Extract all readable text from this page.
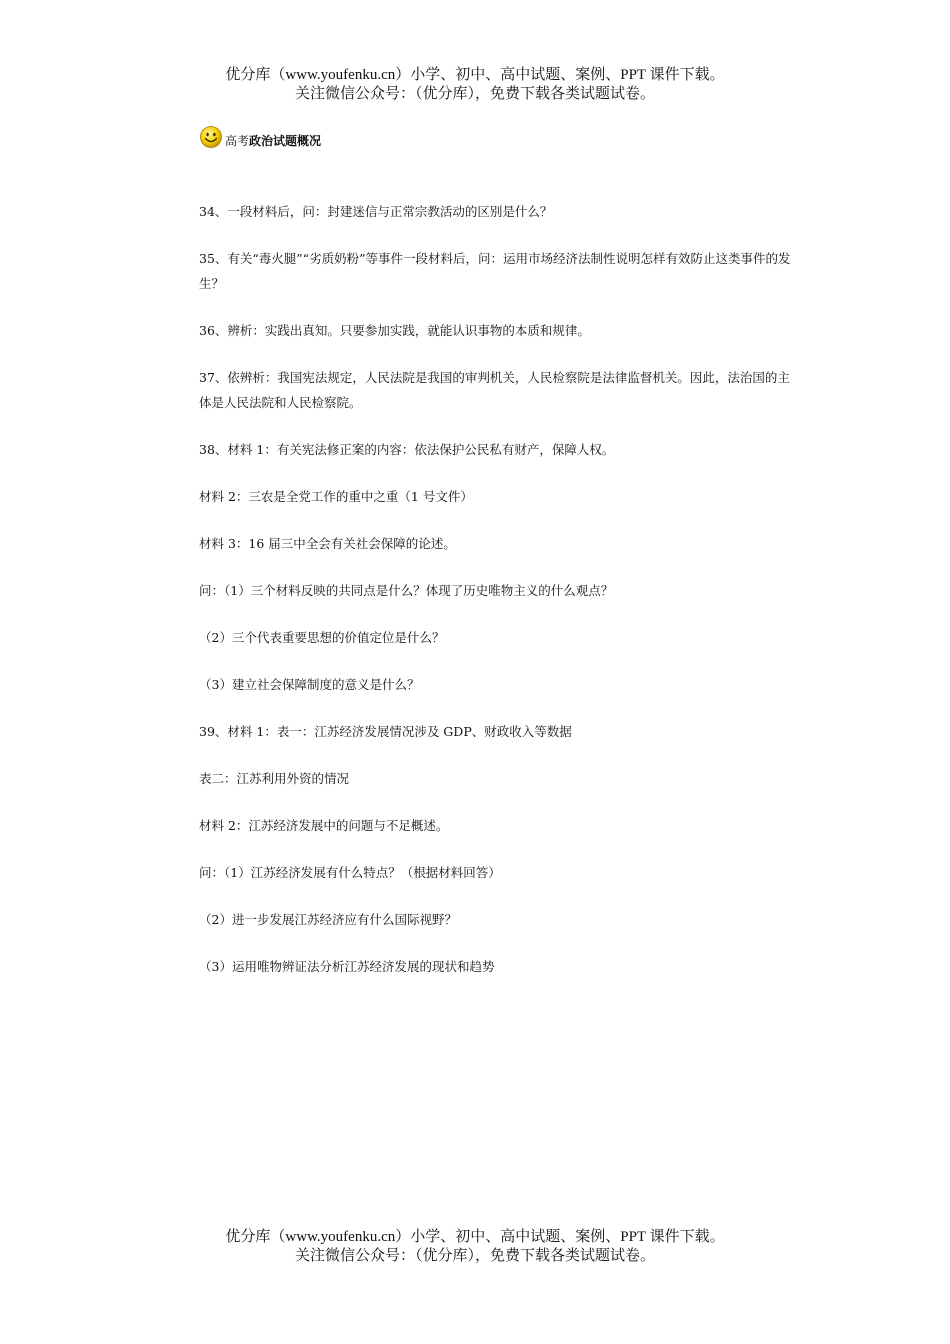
优分库（www.youfenku.cn）小学、初中、高中试题、案例、PPT 课件下载。
关注微信公众号：（优分库），免费下载各类试题试卷。
高考 政治试题概况

34、一段材料后，问：封建迷信与正常宗教活动的区别是什么？

35、有关“毒火腿”“劣质奶粉”等事件一段材料后，问：运用市场经济法制性说明怎样有效防止这类事件的发生？

36、辨析：实践出真知。只要参加实践，就能认识事物的本质和规律。

37、依辨析：我国宪法规定，人民法院是我国的审判机关，人民检察院是法律监督机关。因此，法治国的主体是人民法院和人民检察院。

38、材料 1：有关宪法修正案的内容：依法保护公民私有财产，保障人权。

材料 2：三农是全党工作的重中之重（1 号文件）

材料 3：16 届三中全会有关社会保障的论述。

问：（1）三个材料反映的共同点是什么？体现了历史唯物主义的什么观点？

（2）三个代表重要思想的价值定位是什么？

（3）建立社会保障制度的意义是什么？

39、材料 1：表一：江苏经济发展情况涉及 GDP、财政收入等数据

表二：江苏利用外资的情况

材料 2：江苏经济发展中的问题与不足概述。

问：（1）江苏经济发展有什么特点？（根据材料回答）

（2）进一步发展江苏经济应有什么国际视野？

（3）运用唯物辨证法分析江苏经济发展的现状和趋势

优分库（www.youfenku.cn）小学、初中、高中试题、案例、PPT 课件下载。
关注微信公众号：（优分库），免费下载各类试题试卷。
